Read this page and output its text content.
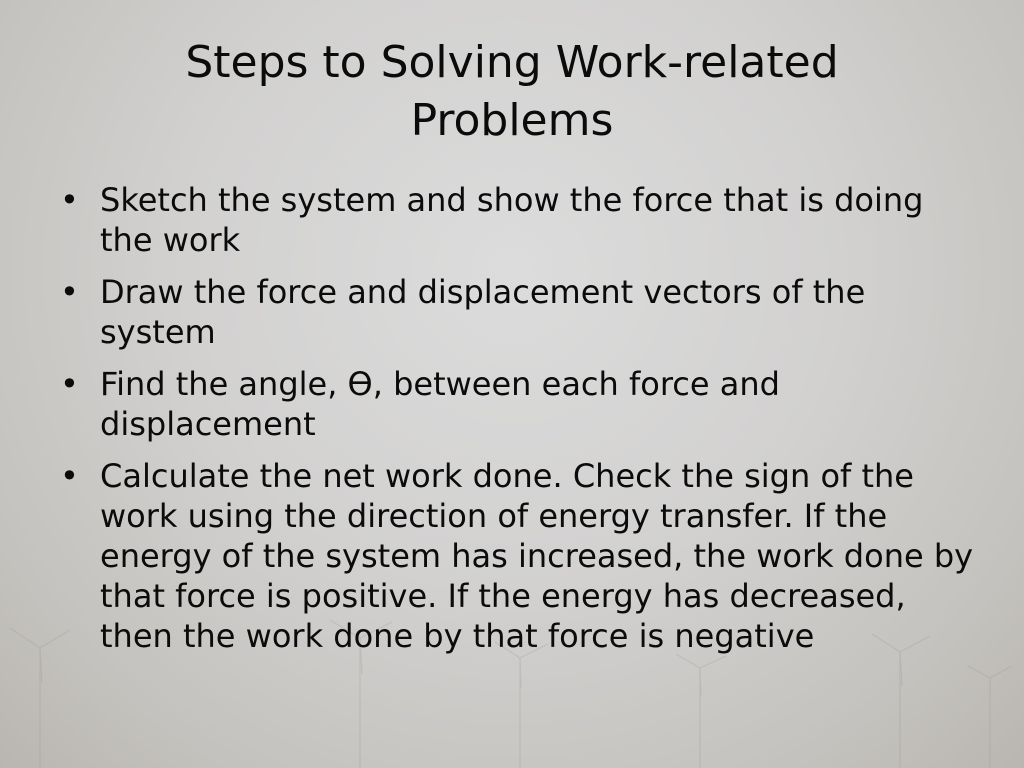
Steps to Solving Work-related Problems
• Sketch the system and show the force that is doing the work
• Draw the force and displacement vectors of the system
• Find the angle, ϴ, between each force and displacement
• Calculate the net work done. Check the sign of the work using the direction of energy transfer. If the energy of the system has increased, the work done by that force is positive. If the energy has decreased, then the work done by that force is negative
